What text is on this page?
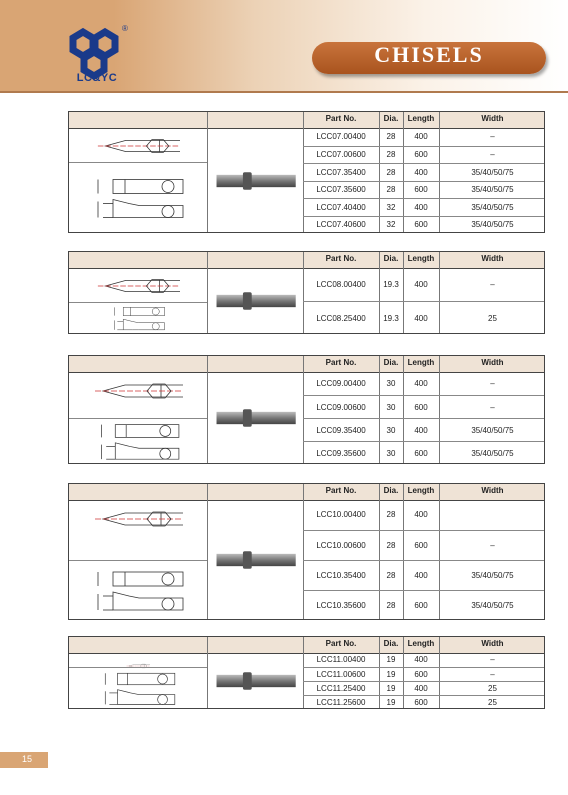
LC&YC
®
CHISELS
Part No.	Dia.	Length	Width
LCC07.00400	28	400	–
LCC07.00600	28	600	–
LCC07.35400	28	400	35/40/50/75
LCC07.35600	28	600	35/40/50/75
LCC07.40400	32	400	35/40/50/75
LCC07.40600	32	600	35/40/50/75
Part No.	Dia.	Length	Width
LCC08.00400	19.3	400	–
LCC08.25400	19.3	400	25
Part No.	Dia.	Length	Width
LCC09.00400	30	400	–
LCC09.00600	30	600	–
LCC09.35400	30	400	35/40/50/75
LCC09.35600	30	600	35/40/50/75
Part No.	Dia.	Length	Width
LCC10.00400	28	400
LCC10.00600	28	600	–
LCC10.35400	28	400	35/40/50/75
LCC10.35600	28	600	35/40/50/75
Part No.	Dia.	Length	Width
LCC11.00400	19	400	–
LCC11.00600	19	600	–
LCC11.25400	19	400	25
LCC11.25600	19	600	25
15
